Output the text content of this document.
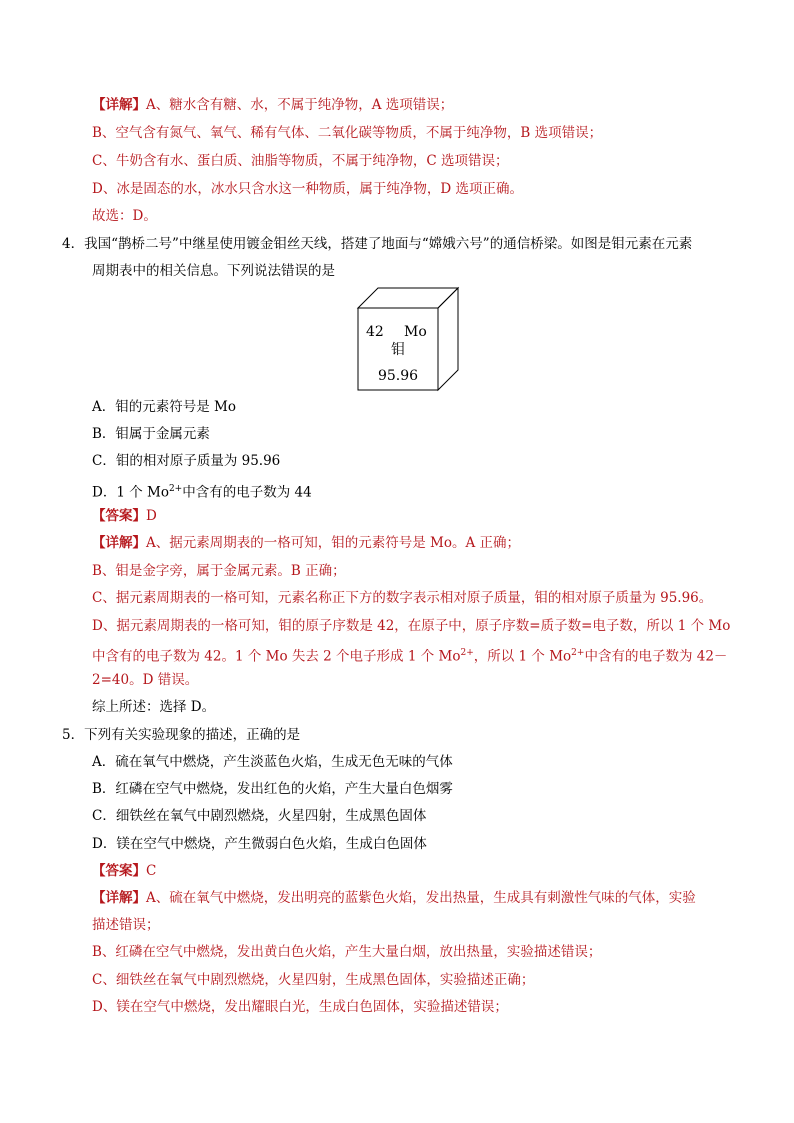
【详解】A、糖水含有糖、水，不属于纯净物，A 选项错误；
B、空气含有氮气、氧气、稀有气体、二氧化碳等物质，不属于纯净物，B 选项错误；
C、牛奶含有水、蛋白质、油脂等物质，不属于纯净物，C 选项错误；
D、冰是固态的水，冰水只含水这一种物质，属于纯净物，D 选项正确。
故选：D。
4．我国“鹊桥二号”中继星使用镀金钼丝天线，搭建了地面与“嫦娥六号”的通信桥梁。如图是钼元素在元素
周期表中的相关信息。下列说法错误的是
42 Mo
钼
95.96
A．钼的元素符号是 Mo
B．钼属于金属元素
C．钼的相对原子质量为 95.96
D．1 个 $Mo^{2+}$中含有的电子数为 44
【答案】D
【详解】A、据元素周期表的一格可知，钼的元素符号是 Mo。A 正确；
B、钼是金字旁，属于金属元素。B 正确；
C、据元素周期表的一格可知，元素名称正下方的数字表示相对原子质量，钼的相对原子质量为 95.96。
D、据元素周期表的一格可知，钼的原子序数是 42，在原子中，原子序数=质子数=电子数，所以 1 个 Mo
中含有的电子数为 42。1 个 Mo 失去 2 个电子形成 1 个 $Mo^{2+}$，所以 1 个 $Mo^{2+}$中含有的电子数为 42－
2=40。D 错误。
综上所述：选择 D。
5．下列有关实验现象的描述，正确的是
A．硫在氧气中燃烧，产生淡蓝色火焰，生成无色无味的气体
B．红磷在空气中燃烧，发出红色的火焰，产生大量白色烟雾
C．细铁丝在氧气中剧烈燃烧，火星四射，生成黑色固体
D．镁在空气中燃烧，产生微弱白色火焰，生成白色固体
【答案】C
【详解】A、硫在氧气中燃烧，发出明亮的蓝紫色火焰，发出热量，生成具有刺激性气味的气体，实验
描述错误；
B、红磷在空气中燃烧，发出黄白色火焰，产生大量白烟，放出热量，实验描述错误；
C、细铁丝在氧气中剧烈燃烧，火星四射，生成黑色固体，实验描述正确；
D、镁在空气中燃烧，发出耀眼白光，生成白色固体，实验描述错误；
